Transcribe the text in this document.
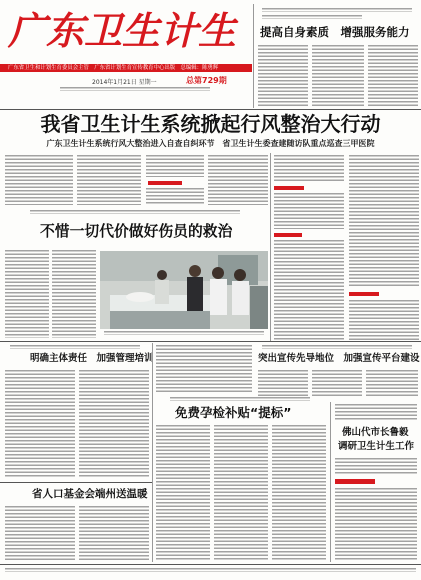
广东卫生计生
广东省卫生和计划生育委员会主管　广东省计划生育宣传教育中心出版　总编辑：陈勇辉
2014年1月21日 星期一	总第729期
提高自身素质　增强服务能力
我省卫生计生系统掀起行风整治大行动
广东卫生计生系统行风大整治进入自查自纠环节　省卫生计生委查建随访队重点巡查三甲医院
不惜一切代价做好伤员的救治
明确主体责任　加强管理培训
省人口基金会端州送温暖
突出宣传先导地位　加强宣传平台建设
免费孕检补贴“提标”
佛山代市长鲁毅
调研卫生计生工作
